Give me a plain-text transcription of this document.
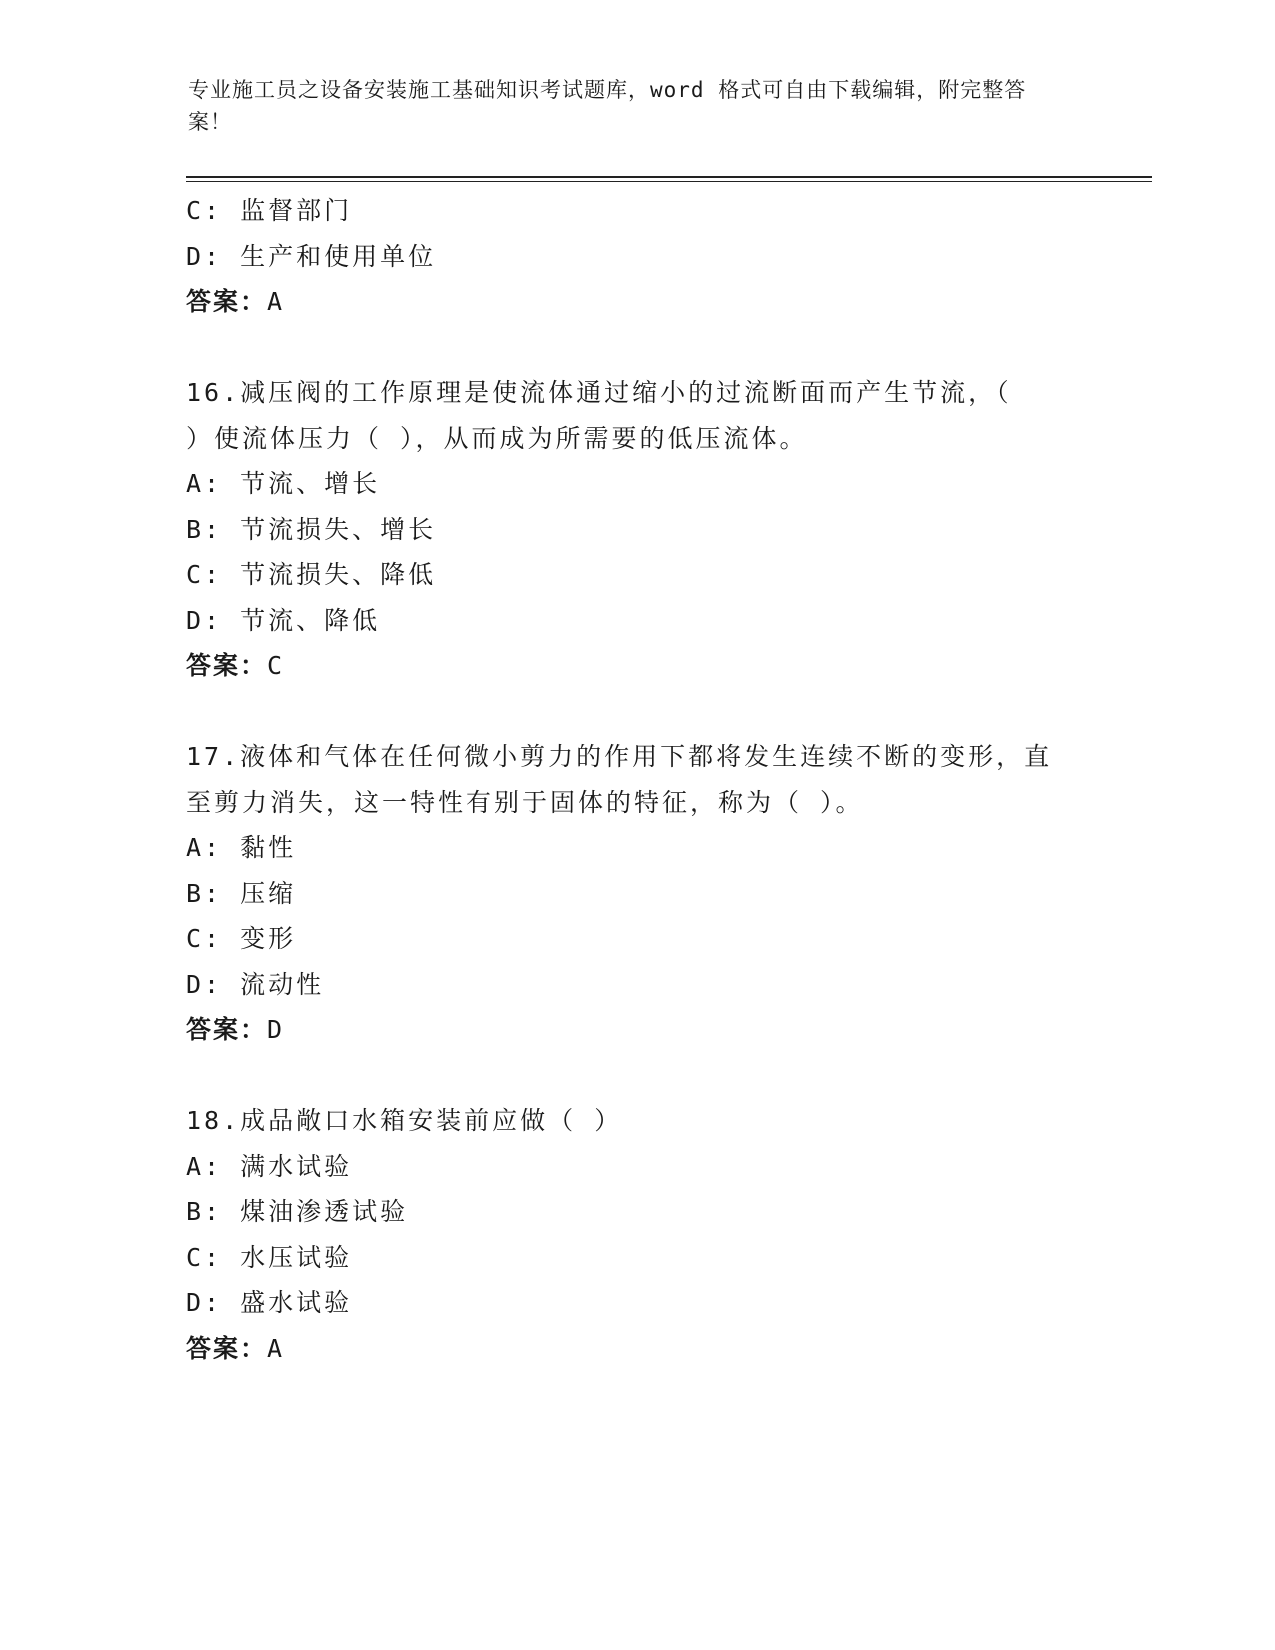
专业施工员之设备安装施工基础知识考试题库，word 格式可自由下载编辑，附完整答案！
C: 监督部门
D: 生产和使用单位
答案：A
16.减压阀的工作原理是使流体通过缩小的过流断面而产生节流，（
）使流体压力（ ），从而成为所需要的低压流体。
A: 节流、增长
B: 节流损失、增长
C: 节流损失、降低
D: 节流、降低
答案：C
17.液体和气体在任何微小剪力的作用下都将发生连续不断的变形，直
至剪力消失，这一特性有别于固体的特征，称为（ ）。
A: 黏性
B: 压缩
C: 变形
D: 流动性
答案：D
18.成品敞口水箱安装前应做（ ）
A: 满水试验
B: 煤油渗透试验
C: 水压试验
D: 盛水试验
答案：A
